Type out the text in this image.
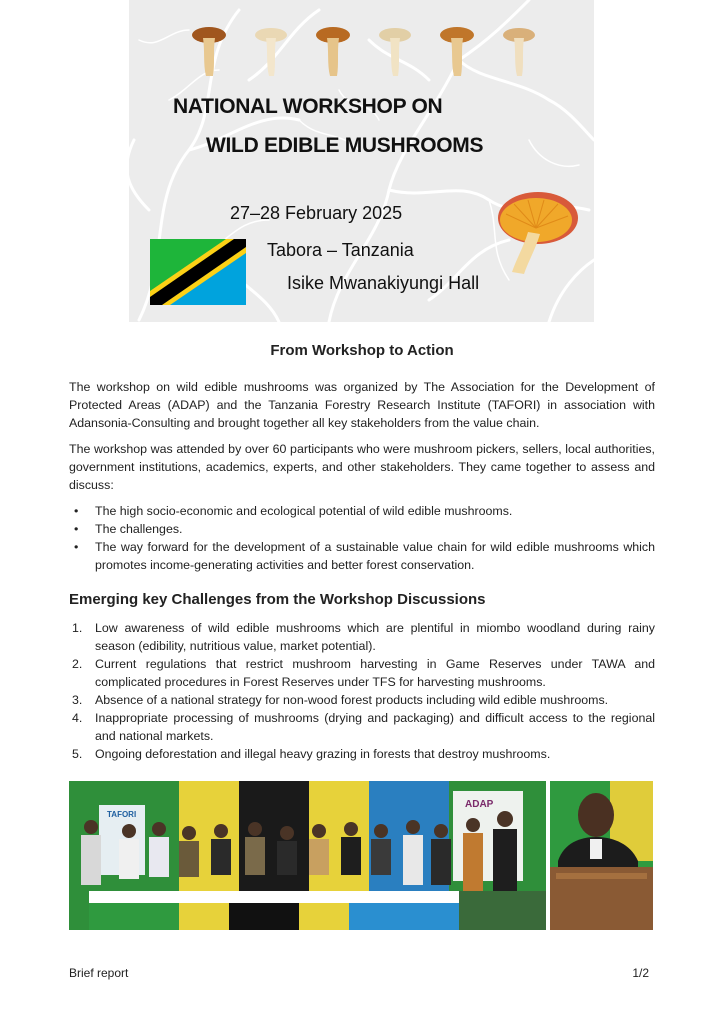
NATIONAL WORKSHOP ON
WILD EDIBLE MUSHROOMS
27–28 February 2025
Tabora – Tanzania
Isike Mwanakiyungi Hall
From Workshop to Action

The workshop on wild edible mushrooms was organized by The Association for the Development of Protected Areas (ADAP) and the Tanzania Forestry Research Institute (TAFORI) in association with Adansonia-Consulting and brought together all key stakeholders from the value chain.

The workshop was attended by over 60 participants who were mushroom pickers, sellers, local authorities, government institutions, academics, experts, and other stakeholders. They came together to assess and discuss:

• The high socio-economic and ecological potential of wild edible mushrooms.
• The challenges.
• The way forward for the development of a sustainable value chain for wild edible mushrooms which promotes income-generating activities and better forest conservation.
Emerging key Challenges from the Workshop Discussions
1. Low awareness of wild edible mushrooms which are plentiful in miombo woodland during rainy season (edibility, nutritious value, market potential).
2. Current regulations that restrict mushroom harvesting in Game Reserves under TAWA and complicated procedures in Forest Reserves under TFS for harvesting mushrooms.
3. Absence of a national strategy for non-wood forest products including wild edible mushrooms.
4. Inappropriate processing of mushrooms (drying and packaging) and difficult access to the regional and national markets.
5. Ongoing deforestation and illegal heavy grazing in forests that destroy mushrooms.
TAFORI
ADAP
Brief report	1/2
